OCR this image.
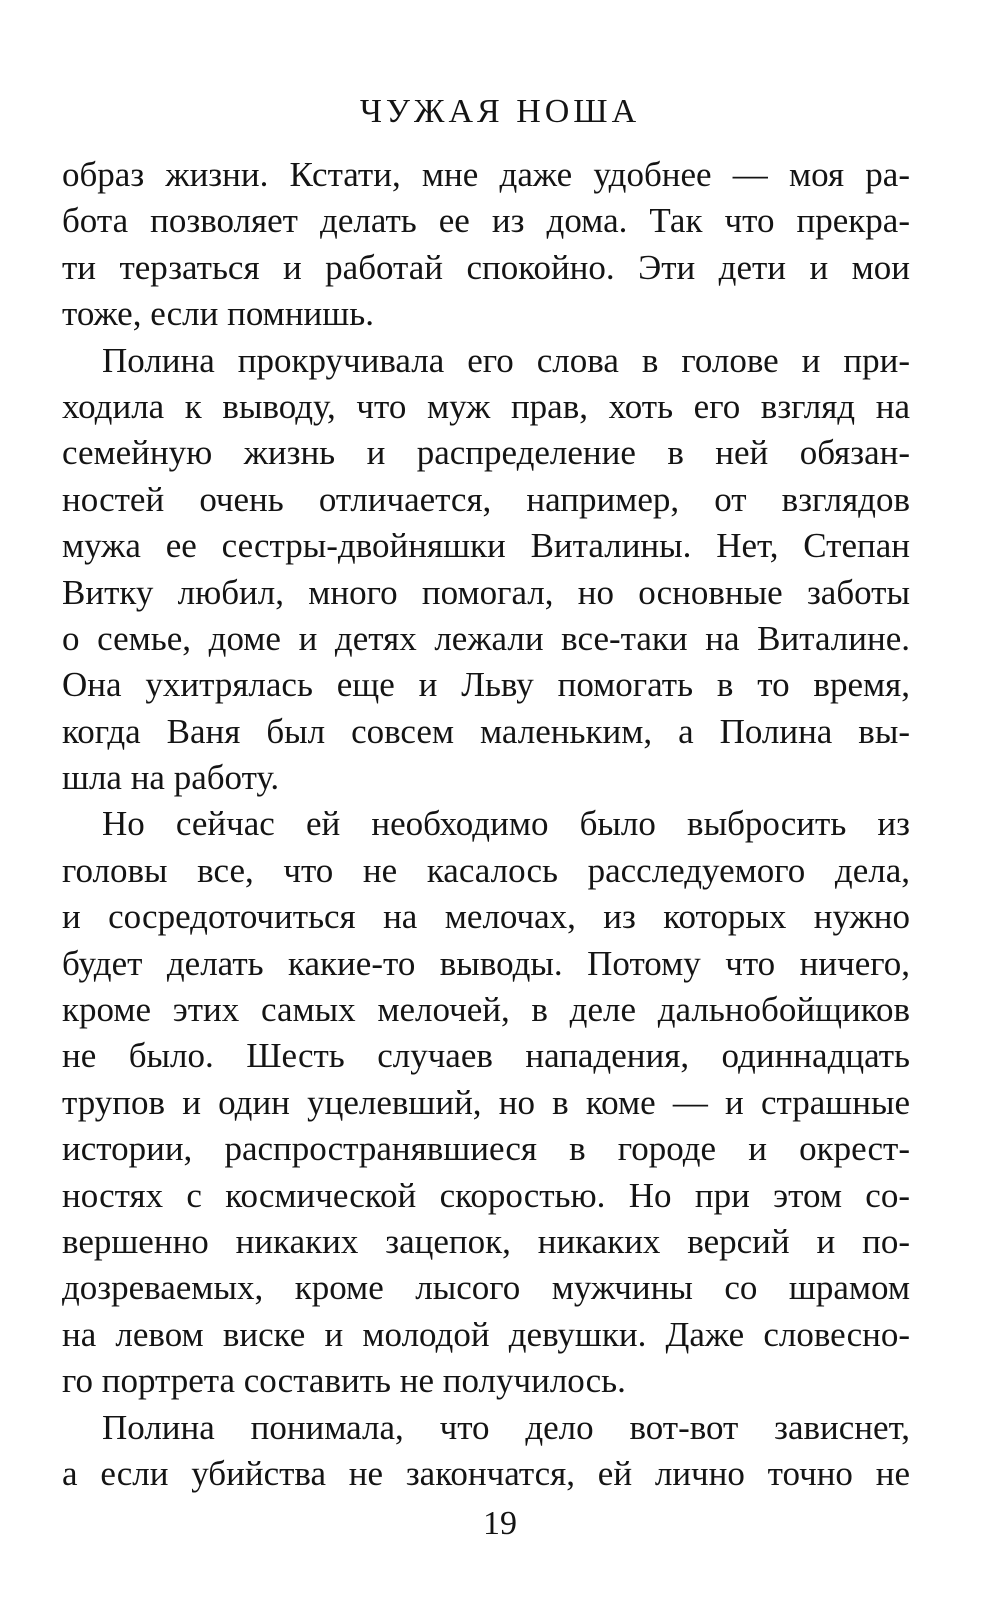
ЧУЖАЯ НОША
образ жизни. Кстати, мне даже удобнее — моя ра-
бота позволяет делать ее из дома. Так что прекра-
ти терзаться и работай спокойно. Эти дети и мои
тоже, если помнишь.
Полина прокручивала его слова в голове и при-
ходила к выводу, что муж прав, хоть его взгляд на
семейную жизнь и распределение в ней обязан-
ностей очень отличается, например, от взглядов
мужа ее сестры-двойняшки Виталины. Нет, Степан
Витку любил, много помогал, но основные заботы
о семье, доме и детях лежали все-таки на Виталине.
Она ухитрялась еще и Льву помогать в то время,
когда Ваня был совсем маленьким, а Полина вы-
шла на работу.
Но сейчас ей необходимо было выбросить из
головы все, что не касалось расследуемого дела,
и сосредоточиться на мелочах, из которых нужно
будет делать какие-то выводы. Потому что ничего,
кроме этих самых мелочей, в деле дальнобойщиков
не было. Шесть случаев нападения, одиннадцать
трупов и один уцелевший, но в коме — и страшные
истории, распространявшиеся в городе и окрест-
ностях с космической скоростью. Но при этом со-
вершенно никаких зацепок, никаких версий и по-
дозреваемых, кроме лысого мужчины со шрамом
на левом виске и молодой девушки. Даже словесно-
го портрета составить не получилось.
Полина понимала, что дело вот-вот зависнет,
а если убийства не закончатся, ей лично точно не
19
